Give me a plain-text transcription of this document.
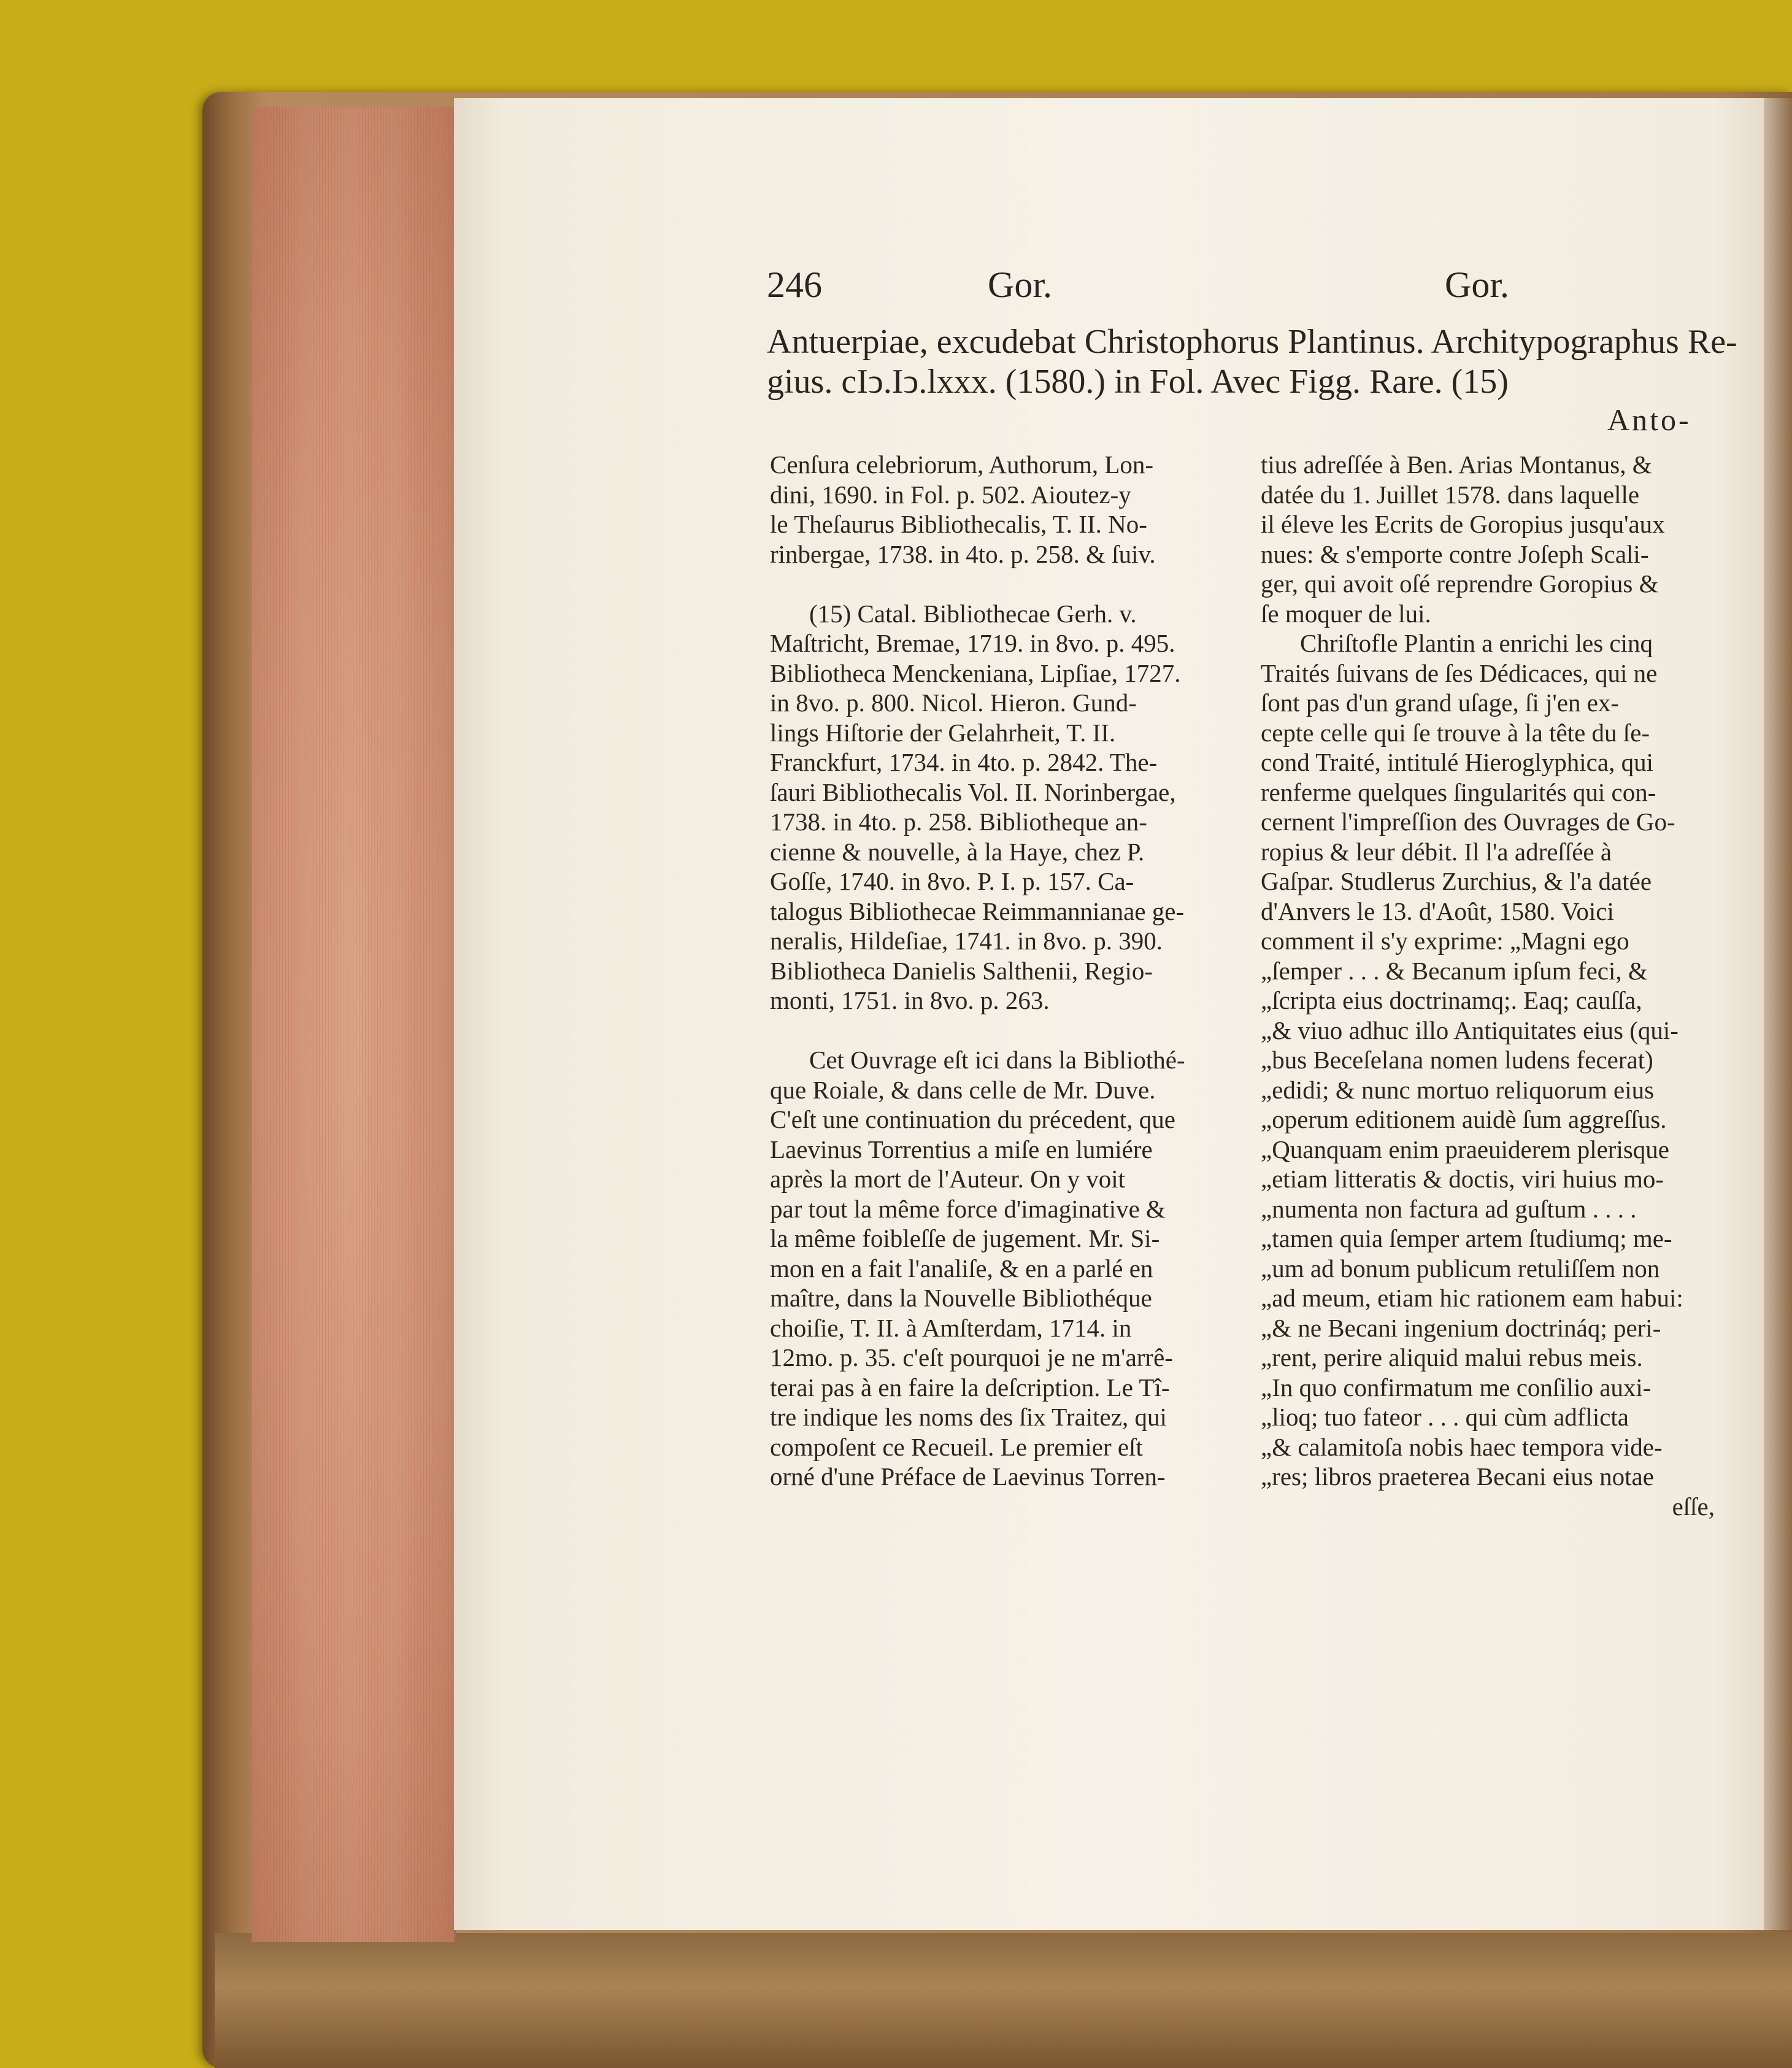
246	Gor.	Gor.
Antuerpiae, excudebat Christophorus Plantinus. Architypographus Re-
gius. cIↄ.Iↄ.lxxx. (1580.) in Fol. Avec Figg. Rare. (15)
Anto-
Cenſura celebriorum, Authorum, Lon-
dini, 1690. in Fol. p. 502. Aioutez-y
le Theſaurus Bibliothecalis, T. II. No-
rinbergae, 1738. in 4to. p. 258. & ſuiv.
(15) Catal. Bibliothecae Gerh. v.
Maſtricht, Bremae, 1719. in 8vo. p. 495.
Bibliotheca Menckeniana, Lipſiae, 1727.
in 8vo. p. 800. Nicol. Hieron. Gund-
lings Hiſtorie der Gelahrheit, T. II.
Franckfurt, 1734. in 4to. p. 2842. The-
ſauri Bibliothecalis Vol. II. Norinbergae,
1738. in 4to. p. 258. Bibliotheque an-
cienne & nouvelle, à la Haye, chez P.
Goſſe, 1740. in 8vo. P. I. p. 157. Ca-
talogus Bibliothecae Reimmannianae ge-
neralis, Hildeſiae, 1741. in 8vo. p. 390.
Bibliotheca Danielis Salthenii, Regio-
monti, 1751. in 8vo. p. 263.
Cet Ouvrage eſt ici dans la Bibliothé-
que Roiale, & dans celle de Mr. Duve.
C'eſt une continuation du précedent, que
Laevinus Torrentius a miſe en lumiére
après la mort de l'Auteur. On y voit
par tout la même force d'imaginative &
la même foibleſſe de jugement. Mr. Si-
mon en a fait l'analiſe, & en a parlé en
maître, dans la Nouvelle Bibliothéque
choiſie, T. II. à Amſterdam, 1714. in
12mo. p. 35. c'eſt pourquoi je ne m'arrê-
terai pas à en faire la deſcription. Le Tî-
tre indique les noms des ſix Traitez, qui
compoſent ce Recueil. Le premier eſt
orné d'une Préface de Laevinus Torren-
tius adreſſée à Ben. Arias Montanus, &
datée du 1. Juillet 1578. dans laquelle
il éleve les Ecrits de Goropius jusqu'aux
nues: & s'emporte contre Joſeph Scali-
ger, qui avoit oſé reprendre Goropius &
ſe moquer de lui.
Chriſtofle Plantin a enrichi les cinq
Traités ſuivans de ſes Dédicaces, qui ne
ſont pas d'un grand uſage, ſi j'en ex-
cepte celle qui ſe trouve à la tête du ſe-
cond Traité, intitulé Hieroglyphica, qui
renferme quelques ſingularités qui con-
cernent l'impreſſion des Ouvrages de Go-
ropius & leur débit. Il l'a adreſſée à
Gaſpar. Studlerus Zurchius, & l'a datée
d'Anvers le 13. d'Août, 1580. Voici
comment il s'y exprime: „Magni ego
„ſemper . . . & Becanum ipſum feci, &
„ſcripta eius doctrinamq;. Eaq; cauſſa,
„& viuo adhuc illo Antiquitates eius (qui-
„bus Beceſelana nomen ludens fecerat)
„edidi; & nunc mortuo reliquorum eius
„operum editionem auidè ſum aggreſſus.
„Quanquam enim praeuiderem plerisque
„etiam litteratis & doctis, viri huius mo-
„numenta non factura ad guſtum . . . .
„tamen quia ſemper artem ſtudiumq; me-
„um ad bonum publicum retuliſſem non
„ad meum, etiam hic rationem eam habui:
„& ne Becani ingenium doctrináq; peri-
„rent, perire aliquid malui rebus meis.
„In quo confirmatum me conſilio auxi-
„lioq; tuo fateor . . . qui cùm adflicta
„& calamitoſa nobis haec tempora vide-
„res; libros praeterea Becani eius notae
eſſe,
